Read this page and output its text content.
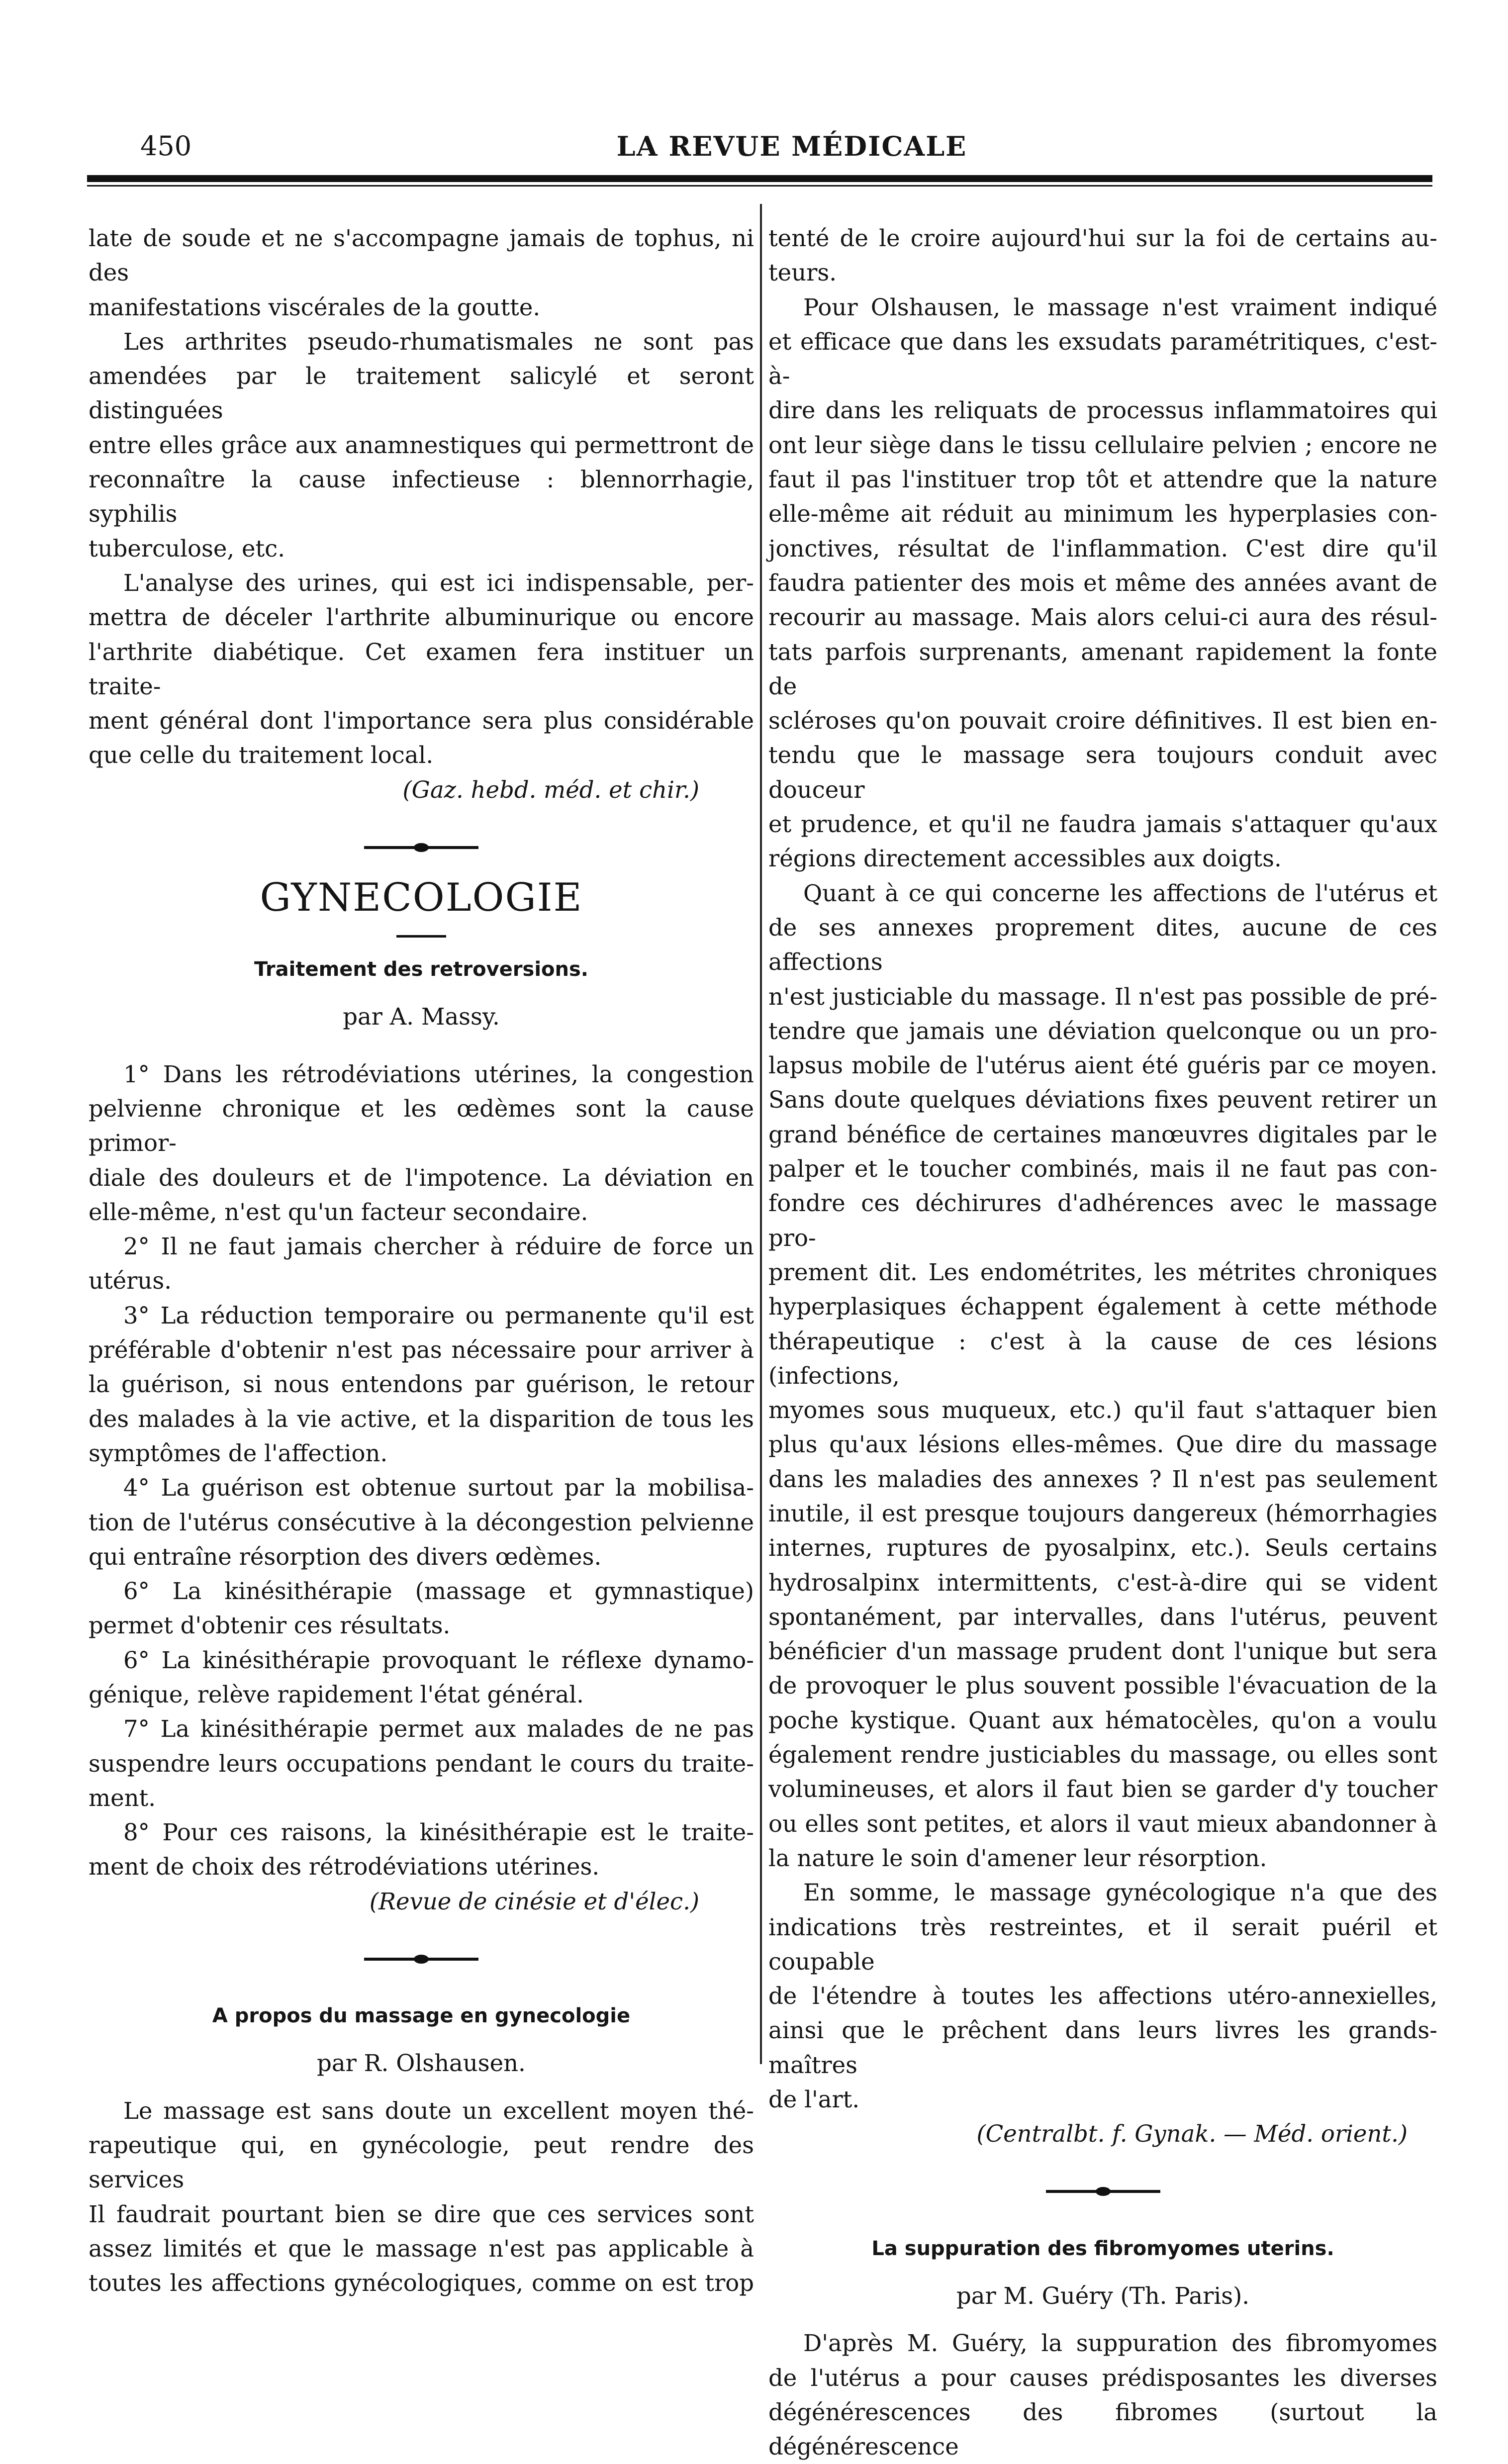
450	LA REVUE MÉDICALE
late de soude et ne s'accompagne jamais de tophus, ni des
manifestations viscérales de la goutte.
Les arthrites pseudo-rhumatismales ne sont pas
amendées par le traitement salicylé et seront distinguées
entre elles grâce aux anamnestiques qui permettront de
reconnaître la cause infectieuse : blennorrhagie, syphilis
tuberculose, etc.
L'analyse des urines, qui est ici indispensable, per-
mettra de déceler l'arthrite albuminurique ou encore
l'arthrite diabétique. Cet examen fera instituer un traite-
ment général dont l'importance sera plus considérable
que celle du traitement local.

(Gaz. hebd. méd. et chir.)

GYNECOLOGIE

Traitement des retroversions.

par A. Massy.

1° Dans les rétrodéviations utérines, la congestion
pelvienne chronique et les œdèmes sont la cause primor-
diale des douleurs et de l'impotence. La déviation en
elle-même, n'est qu'un facteur secondaire.
2° Il ne faut jamais chercher à réduire de force un
utérus.
3° La réduction temporaire ou permanente qu'il est
préférable d'obtenir n'est pas nécessaire pour arriver à
la guérison, si nous entendons par guérison, le retour
des malades à la vie active, et la disparition de tous les
symptômes de l'affection.
4° La guérison est obtenue surtout par la mobilisa-
tion de l'utérus consécutive à la décongestion pelvienne
qui entraîne résorption des divers œdèmes.
6° La kinésithérapie (massage et gymnastique)
permet d'obtenir ces résultats.
6° La kinésithérapie provoquant le réflexe dynamo-
génique, relève rapidement l'état général.
7° La kinésithérapie permet aux malades de ne pas
suspendre leurs occupations pendant le cours du traite-
ment.
8° Pour ces raisons, la kinésithérapie est le traite-
ment de choix des rétrodéviations utérines.

(Revue de cinésie et d'élec.)

A propos du massage en gynecologie

par R. Olshausen.

Le massage est sans doute un excellent moyen thé-
rapeutique qui, en gynécologie, peut rendre des services
Il faudrait pourtant bien se dire que ces services sont
assez limités et que le massage n'est pas applicable à
toutes les affections gynécologiques, comme on est trop
tenté de le croire aujourd'hui sur la foi de certains au-
teurs.
Pour Olshausen, le massage n'est vraiment indiqué
et efficace que dans les exsudats paramétritiques, c'est-à-
dire dans les reliquats de processus inflammatoires qui
ont leur siège dans le tissu cellulaire pelvien ; encore ne
faut il pas l'instituer trop tôt et attendre que la nature
elle-même ait réduit au minimum les hyperplasies con-
jonctives, résultat de l'inflammation. C'est dire qu'il
faudra patienter des mois et même des années avant de
recourir au massage. Mais alors celui-ci aura des résul-
tats parfois surprenants, amenant rapidement la fonte de
scléroses qu'on pouvait croire définitives. Il est bien en-
tendu que le massage sera toujours conduit avec douceur
et prudence, et qu'il ne faudra jamais s'attaquer qu'aux
régions directement accessibles aux doigts.
Quant à ce qui concerne les affections de l'utérus et
de ses annexes proprement dites, aucune de ces affections
n'est justiciable du massage. Il n'est pas possible de pré-
tendre que jamais une déviation quelconque ou un pro-
lapsus mobile de l'utérus aient été guéris par ce moyen.
Sans doute quelques déviations fixes peuvent retirer un
grand bénéfice de certaines manœuvres digitales par le
palper et le toucher combinés, mais il ne faut pas con-
fondre ces déchirures d'adhérences avec le massage pro-
prement dit. Les endométrites, les métrites chroniques
hyperplasiques échappent également à cette méthode
thérapeutique : c'est à la cause de ces lésions (infections,
myomes sous muqueux, etc.) qu'il faut s'attaquer bien
plus qu'aux lésions elles-mêmes. Que dire du massage
dans les maladies des annexes ? Il n'est pas seulement
inutile, il est presque toujours dangereux (hémorrhagies
internes, ruptures de pyosalpinx, etc.). Seuls certains
hydrosalpinx intermittents, c'est-à-dire qui se vident
spontanément, par intervalles, dans l'utérus, peuvent
bénéficier d'un massage prudent dont l'unique but sera
de provoquer le plus souvent possible l'évacuation de la
poche kystique. Quant aux hématocèles, qu'on a voulu
également rendre justiciables du massage, ou elles sont
volumineuses, et alors il faut bien se garder d'y toucher
ou elles sont petites, et alors il vaut mieux abandonner à
la nature le soin d'amener leur résorption.
En somme, le massage gynécologique n'a que des
indications très restreintes, et il serait puéril et coupable
de l'étendre à toutes les affections utéro-annexielles,
ainsi que le prêchent dans leurs livres les grands-maîtres
de l'art.

(Centralbt. f. Gynak. — Méd. orient.)

La suppuration des fibromyomes uterins.

par M. Guéry (Th. Paris).

D'après M. Guéry, la suppuration des fibromyomes
de l'utérus a pour causes prédisposantes les diverses
dégénérescences des fibromes (surtout la dégénérescence
